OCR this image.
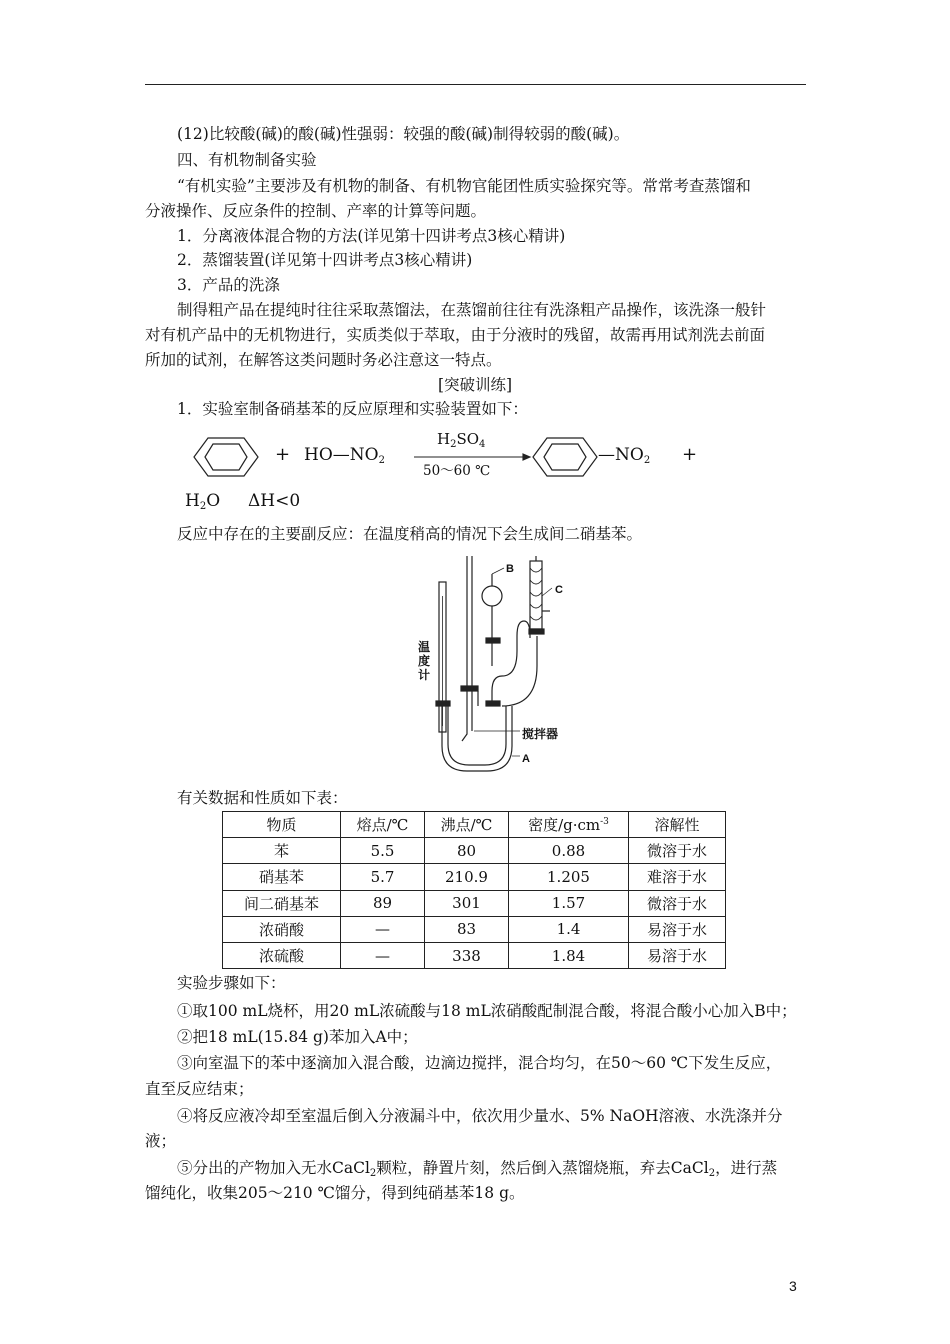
(12)比较酸(碱)的酸(碱)性强弱：较强的酸(碱)制得较弱的酸(碱)。
四、有机物制备实验
“有机实验”主要涉及有机物的制备、有机物官能团性质实验探究等。常常考查蒸馏和
分液操作、反应条件的控制、产率的计算等问题。
1．分离液体混合物的方法(详见第十四讲考点3核心精讲)
2．蒸馏装置(详见第十四讲考点3核心精讲)
3．产品的洗涤
制得粗产品在提纯时往往采取蒸馏法，在蒸馏前往往有洗涤粗产品操作，该洗涤一般针
对有机产品中的无机物进行，实质类似于萃取，由于分液时的残留，故需再用试剂洗去前面
所加的试剂，在解答这类问题时务必注意这一特点。
[突破训练]
1．实验室制备硝基苯的反应原理和实验装置如下：
+ $HO—NO_2$
$H_2SO_4$
50～60 ℃
$—NO_2$ +
$H_2O$ ΔH<0
反应中存在的主要副反应：在温度稍高的情况下会生成间二硝基苯。
B
C
A
搅拌器
温度计
有关数据和性质如下表：
物质	熔点/℃	沸点/℃	密度$/g\cdot cm^{-3}$	溶解性
苯	5.5	80	0.88	微溶于水
硝基苯	5.7	210.9	1.205	难溶于水
间二硝基苯	89	301	1.57	微溶于水
浓硝酸	—	83	1.4	易溶于水
浓硫酸	—	338	1.84	易溶于水
实验步骤如下：
①取100 mL烧杯，用20 mL浓硫酸与18 mL浓硝酸配制混合酸，将混合酸小心加入B中；
②把18 mL(15.84 g)苯加入A中；
③向室温下的苯中逐滴加入混合酸，边滴边搅拌，混合均匀，在50～60 ℃下发生反应，
直至反应结束；
④将反应液冷却至室温后倒入分液漏斗中，依次用少量水、5% NaOH溶液、水洗涤并分
液；
⑤分出的产物加入无水CaCl$_2$颗粒，静置片刻，然后倒入蒸馏烧瓶，弃去CaCl$_2$，进行蒸
馏纯化，收集205～210 ℃馏分，得到纯硝基苯18 g。
3
